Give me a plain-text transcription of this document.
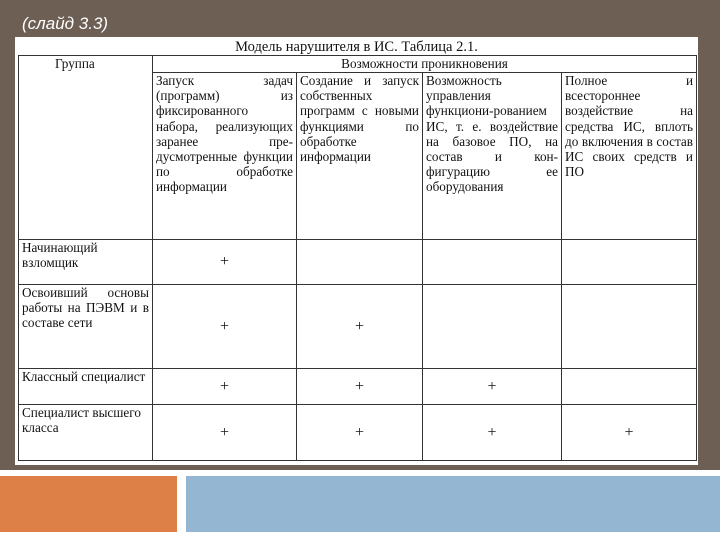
(слайд 3.3)
Модель нарушителя в ИС. Таблица 2.1.
Группа	Возможности проникновения			
	Запуск задач (программ) из фиксированного набора, реализующих заранее пре-дусмотренные функции по обработке информации	Создание и запуск собственных программ с новыми функциями по обработке информации	Возможность управления функциони-рованием ИС, т. е. воздействие на базовое ПО, на состав и кон-фигурацию ее оборудования	Полное и всестороннее воздействие на средства ИС, вплоть до включения в состав ИС своих средств и ПО
Начинающий взломщик	+			
Освоивший основы работы на ПЭВМ и в составе сети	+	+		
Классный специалист	+	+	+	
Специалист высшего класса	+	+	+	+
